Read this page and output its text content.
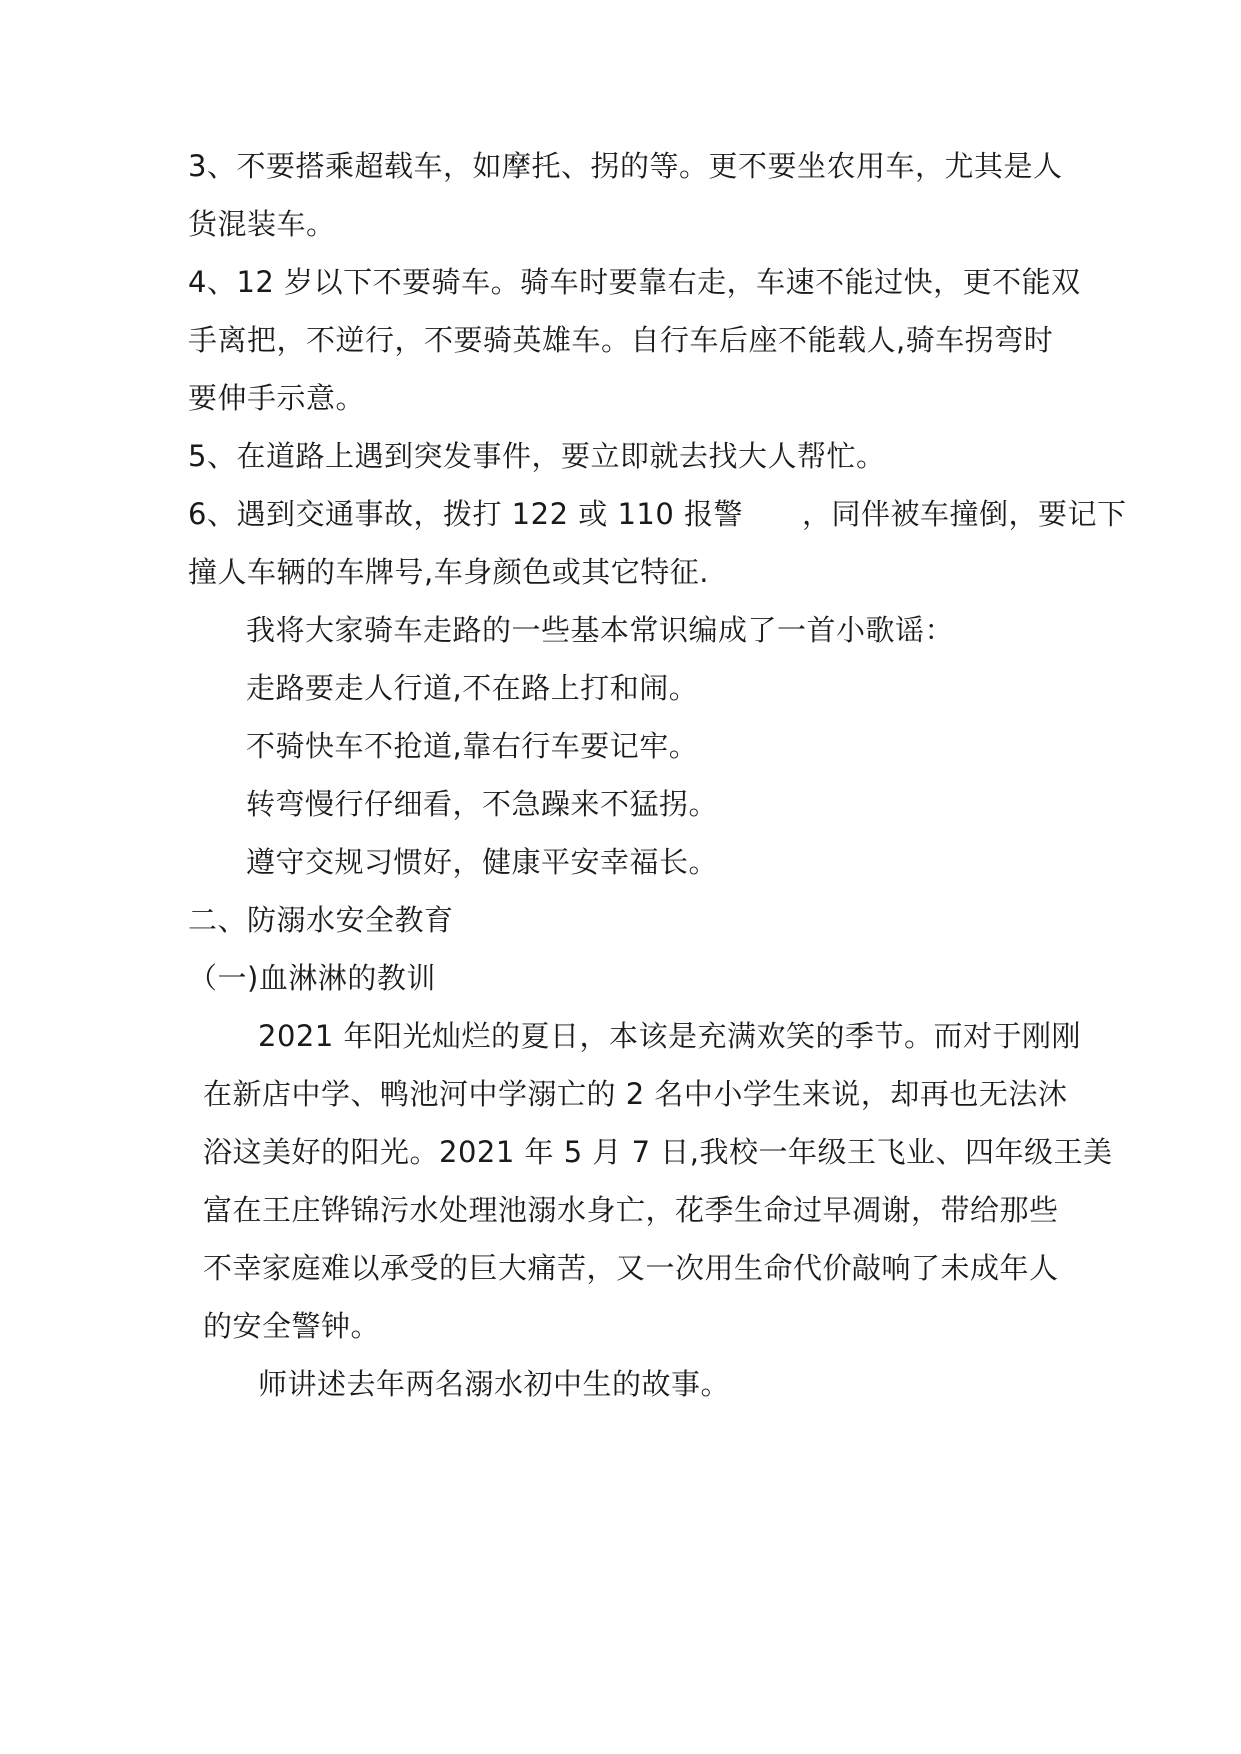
3、不要搭乘超载车，如摩托、拐的等。更不要坐农用车，尤其是人
货混装车。
4、12 岁以下不要骑车。骑车时要靠右走，车速不能过快，更不能双
手离把，不逆行，不要骑英雄车。自行车后座不能载人,骑车拐弯时
要伸手示意。
5、在道路上遇到突发事件，要立即就去找大人帮忙。
6、遇到交通事故，拨打 122 或 110 报警　　，同伴被车撞倒，要记下
撞人车辆的车牌号,车身颜色或其它特征.
我将大家骑车走路的一些基本常识编成了一首小歌谣：
走路要走人行道,不在路上打和闹。
不骑快车不抢道,靠右行车要记牢。
转弯慢行仔细看，不急躁来不猛拐。
遵守交规习惯好，健康平安幸福长。
二、防溺水安全教育
（一)血淋淋的教训
2021 年阳光灿烂的夏日，本该是充满欢笑的季节。而对于刚刚
在新店中学、鸭池河中学溺亡的 2 名中小学生来说，却再也无法沐
浴这美好的阳光。2021 年 5 月 7 日,我校一年级王飞业、四年级王美
富在王庄铧锦污水处理池溺水身亡，花季生命过早凋谢，带给那些
不幸家庭难以承受的巨大痛苦，又一次用生命代价敲响了未成年人
的安全警钟。
师讲述去年两名溺水初中生的故事。
